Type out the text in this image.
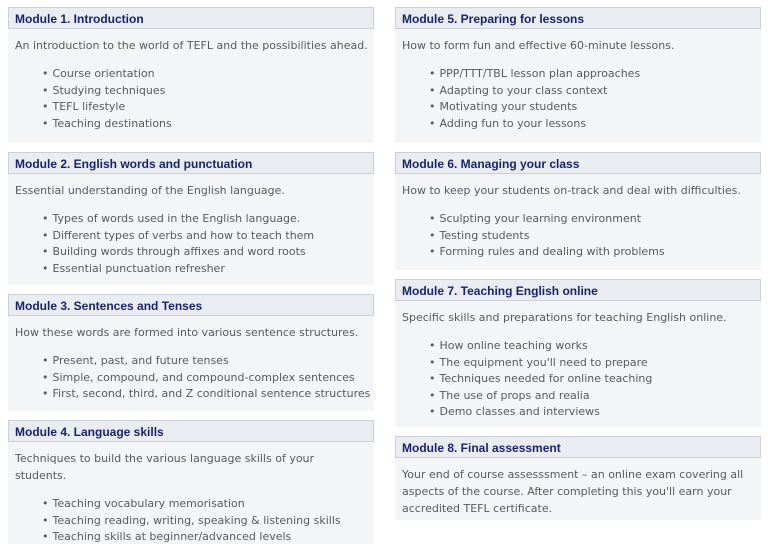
Module 1. Introduction

An introduction to the world of TEFL and the possibilities ahead.

• Course orientation
• Studying techniques
• TEFL lifestyle
• Teaching destinations
Module 2. English words and punctuation

Essential understanding of the English language.

• Types of words used in the English language.
• Different types of verbs and how to teach them
• Building words through affixes and word roots
• Essential punctuation refresher
Module 3. Sentences and Tenses

How these words are formed into various sentence structures.

• Present, past, and future tenses
• Simple, compound, and compound-complex sentences
• First, second, third, and Z conditional sentence structures
Module 4. Language skills

Techniques to build the various language skills of your students.

• Teaching vocabulary memorisation
• Teaching reading, writing, speaking & listening skills
• Teaching skills at beginner/advanced levels
Module 5. Preparing for lessons

How to form fun and effective 60-minute lessons.

• PPP/TTT/TBL lesson plan approaches
• Adapting to your class context
• Motivating your students
• Adding fun to your lessons
Module 6. Managing your class

How to keep your students on-track and deal with difficulties.

• Sculpting your learning environment
• Testing students
• Forming rules and dealing with problems
Module 7. Teaching English online

Specific skills and preparations for teaching English online.

• How online teaching works
• The equipment you'll need to prepare
• Techniques needed for online teaching
• The use of props and realia
• Demo classes and interviews
Module 8. Final assessment

Your end of course assesssment – an online exam covering all aspects of the course. After completing this you'll earn your accredited TEFL certificate.
